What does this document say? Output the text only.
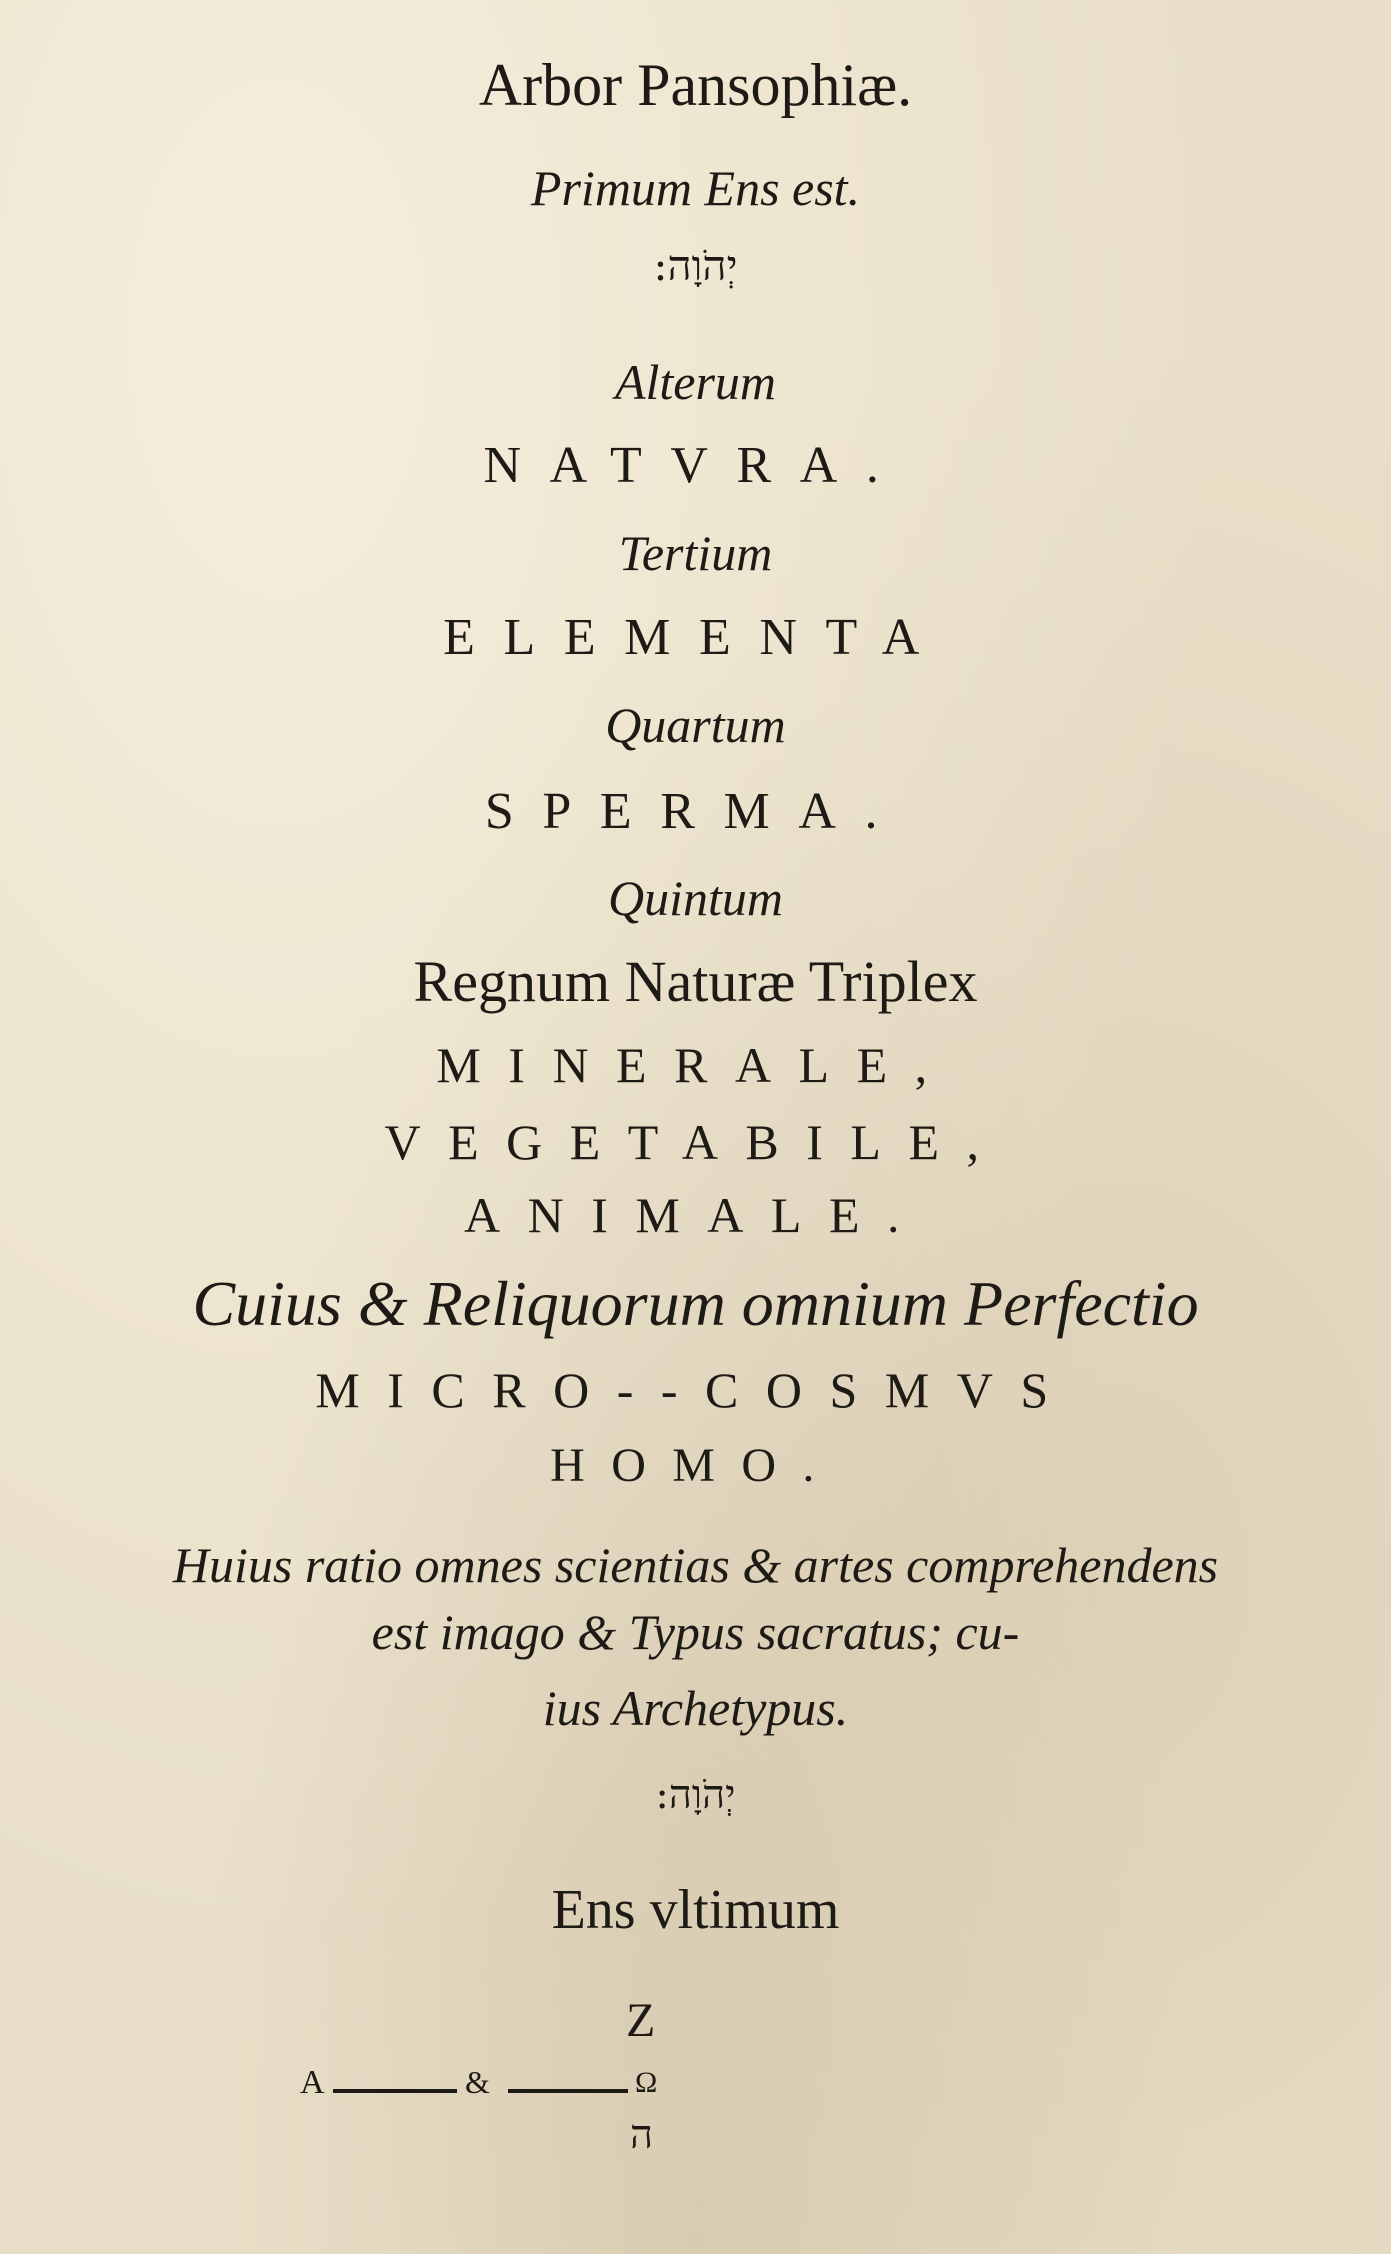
Arbor Pansophiæ.
Primum Ens est.
יְהֹוָה:
Alterum
NATVRA.
Tertium
ELEMENTA
Quartum
SPERMA.
Quintum
Regnum Naturæ Triplex
MINERALE,
VEGETABILE,
ANIMALE.
Cuius & Reliquorum omnium Perfectio
MICRO--COSMVS
HOMO.
Huius ratio omnes scientias & artes comprehendens
est imago & Typus sacratus; cu-
ius Archetypus.
יְהֹוָה:
Ens vltimum
Z
A	&	Ω
ה
